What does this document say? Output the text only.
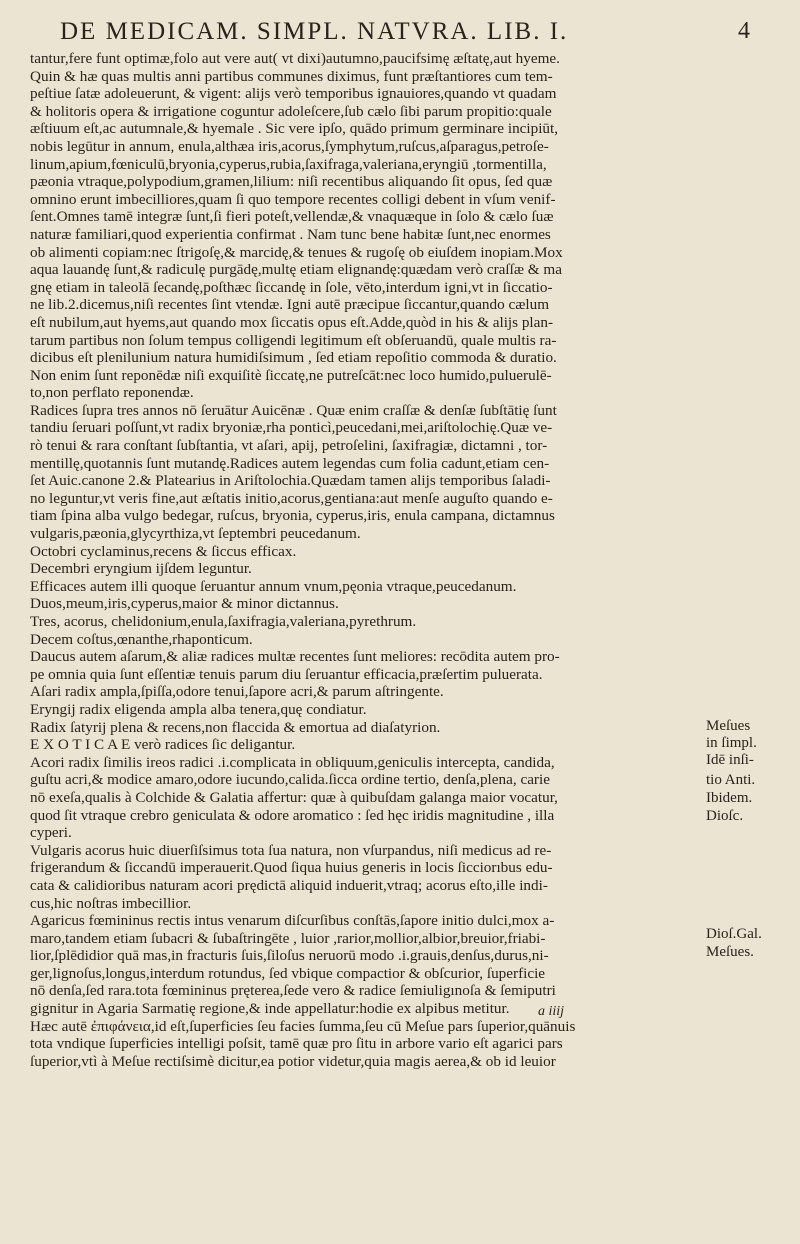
DE MEDICAM. SIMPL. NATVRA. LIB. I.	4
tantur,fere funt optimæ,folo aut vere aut( vt dixi)autumno,paucifsimę æſtatę,aut hyeme.
Quin & hæ quas multis anni partibus communes diximus, funt præſtantiores cum tem-
peſtiue ſatæ adoleuerunt, & vigent: alijs verò temporibus ignauiores,quando vt quadam
& holitoris opera & irrigatione coguntur adoleſcere,ſub cælo ſibi parum propitio:quale
æſtiuum eſt,ac autumnale,& hyemale . Sic vere ipſo, quādo primum germinare incipiūt,
nobis legūtur in annum, enula,althæa iris,acorus,ſymphytum,ruſcus,aſparagus,petroſe-
linum,apium,fœniculū,bryonia,cyperus,rubia,ſaxifraga,valeriana,eryngiū ,tormentilla,
pæonia vtraque,polypodium,gramen,lilium: niſi recentibus aliquando ſit opus, ſed quæ
omnino erunt imbecilliores,quam ſi quo tempore recentes colligi debent in vſum venif-
ſent.Omnes tamē integræ ſunt,ſi fieri poteſt,vellendæ,& vnaquæque in ſolo & cælo ſuæ
naturæ familiari,quod experientia confirmat . Nam tunc bene habitæ ſunt,nec enormes
ob alimenti copiam:nec ſtrigoſę,& marcidę,& tenues & rugoſę ob eiuſdem inopiam.Mox
aqua lauandę ſunt,& radiculę purgādę,multę etiam elignandę:quædam verò craſſæ & ma
gnę etiam in taleolā ſecandę,poſthæc ſiccandę in ſole, vēto,interdum igni,vt in ſiccatio-
ne lib.2.dicemus,niſi recentes ſint vtendæ. Igni autē præcipue ſiccantur,quando cælum
eſt nubilum,aut hyems,aut quando mox ſiccatis opus eſt.Adde,quòd in his & alijs plan-
tarum partibus non ſolum tempus colligendi legitimum eſt obſeruandū, quale multis ra-
dicibus eſt plenilunium natura humidiſsimum , ſed etiam repoſitio commoda & duratio.
Non enim ſunt reponēdæ niſi exquiſitè ſiccatę,ne putreſcāt:nec loco humido,puluerulē-
to,non perflato reponendæ.
Radices ſupra tres annos nō ſeruātur Auicēnæ . Quæ enim craſſæ & denſæ ſubſtātię ſunt
tandiu ſeruari poſſunt,vt radix bryoniæ,rha ponticì,peucedani,mei,ariſtolochię.Quæ ve-
rò tenui & rara conſtant ſubſtantia, vt aſari, apij, petroſelini, ſaxifragiæ, dictamni , tor-
mentillę,quotannis ſunt mutandę.Radices autem legendas cum folia cadunt,etiam cen-
ſet Auic.canone 2.& Platearius in Ariſtolochia.Quædam tamen alijs temporibus ſaladi-
no leguntur,vt veris fine,aut æſtatis initio,acorus,gentiana:aut menſe auguſto quando e-
tiam ſpina alba vulgo bedegar, ruſcus, bryonia, cyperus,iris, enula campana, dictamnus
vulgaris,pæonia,glycyrthiza,vt ſeptembri peucedanum.
Octobri cyclaminus,recens & ſiccus efficax.
Decembri eryngium ijſdem leguntur.
Efficaces autem illi quoque ſeruantur annum vnum,pęonia vtraque,peucedanum.
Duos,meum,iris,cyperus,maior & minor dictannus.
Tres, acorus, chelidonium,enula,ſaxifragia,valeriana,pyrethrum.
Decem coſtus,œnanthe,rhaponticum.
Daucus autem aſarum,& aliæ radices multæ recentes ſunt meliores: recōdita autem pro-
pe omnia quia ſunt eſſentiæ tenuis parum diu ſeruantur efficacia,præſertim puluerata.
Aſari radix ampla,ſpiſſa,odore tenui,ſapore acri,& parum aſtringente.
Eryngij radix eligenda ampla alba tenera,quę condiatur.
Radix ſatyrij plena & recens,non flaccida & emortua ad diaſatyrion.
E X O T I C A E verò radices ſic deligantur.
Acori radix ſimilis ireos radici .i.complicata in obliquum,geniculis intercepta, candida,
guſtu acri,& modice amaro,odore iucundo,calida.ſicca ordine tertio, denſa,plena, carie
nō exeſa,qualis à Colchide & Galatia affertur: quæ à quibuſdam galanga maior vocatur,
quod ſit vtraque crebro geniculata & odore aromatico : ſed hęc iridis magnitudine , illa
cyperi.
Vulgaris acorus huic diuerſiſsimus tota ſua natura, non vſurpandus, niſi medicus ad re-
frigerandum & ſiccandū imperauerit.Quod ſiqua huius generis in locis ſicciorıbus edu-
cata & calidioribus naturam acori prędictā aliquid induerit,vtraq; acorus eſto,ille indi-
cus,hic noſtras imbecillior.
Agaricus fœmininus rectis intus venarum diſcurſibus conſtās,ſapore initio dulci,mox a-
maro,tandem etiam ſubacri & ſubaſtringēte , luior ,rarior,mollior,albior,breuior,friabi-
lior,ſplēdidior quā mas,in fracturis ſuis,ſiloſus neruorū modo .i.grauis,denſus,durus,ni-
ger,lignoſus,longus,interdum rotundus, ſed vbique compactior & obſcurior, ſuperficie
nō denſa,ſed rara.tota fœmininus pręterea,ſede vero & radice ſemiuligınoſa & ſemiputri
gignitur in Agaria Sarmatię regione,& inde appellatur:hodie ex alpibus metitur.
Hæc autē ἐπιφάνεια,id eſt,ſuperficies ſeu facies ſumma,ſeu cū Meſue pars ſuperior,quānuis
tota vndique ſuperficies intelligi poſsit, tamē quæ pro ſitu in arbore vario eſt agarici pars
ſuperior,vtì à Meſue rectiſsimè dicitur,ea potior videtur,quia magis aerea,& ob id leuior
Meſues
in ſimpl.
Idē inſi-
tio Anti.
Ibidem.
Dioſc.
Dioſ.Gal.
Meſues.
a iiij
